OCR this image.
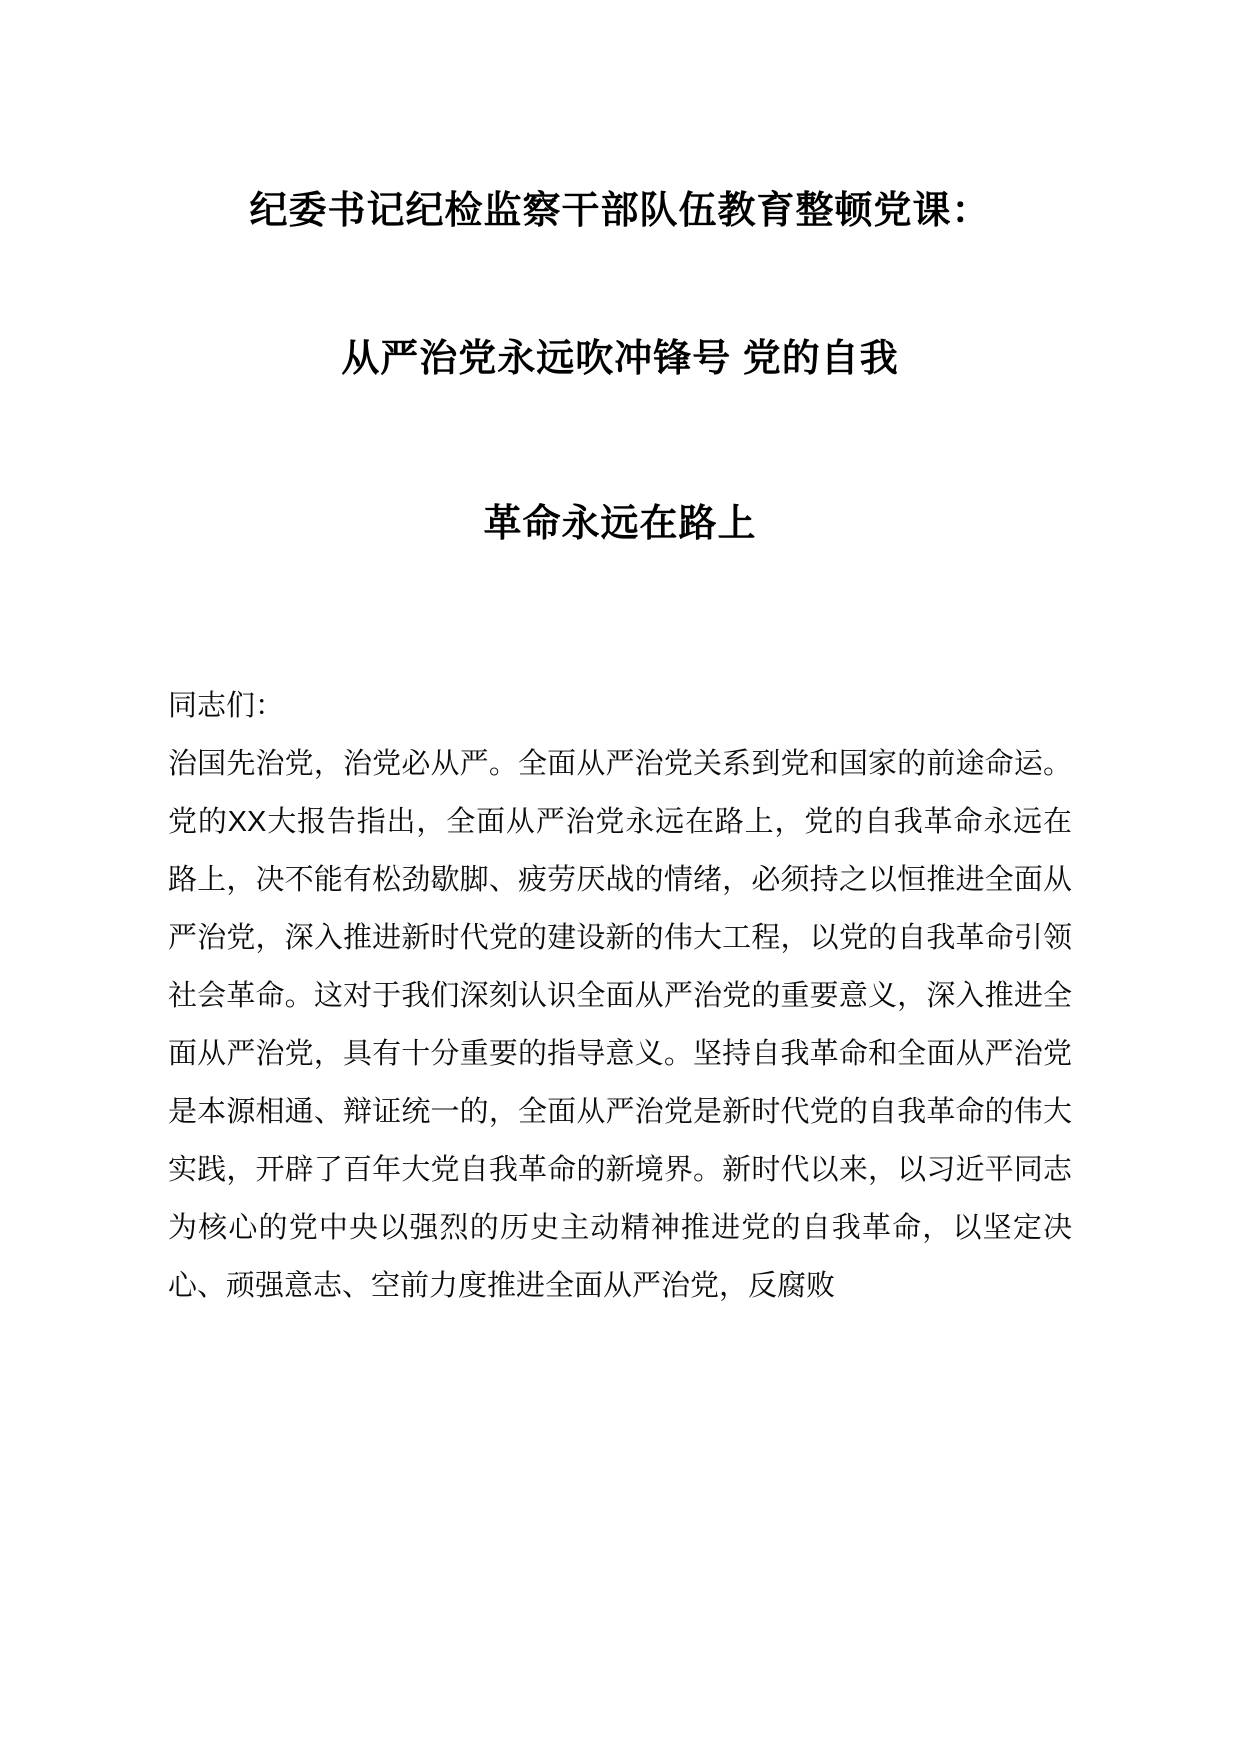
纪委书记纪检监察干部队伍教育整顿党课：
从严治党永远吹冲锋号 党的自我
革命永远在路上

同志们：

治国先治党，治党必从严。全面从严治党关系到党和国家的前途命运。党的XX大报告指出，全面从严治党永远在路上，党的自我革命永远在路上，决不能有松劲歇脚、疲劳厌战的情绪，必须持之以恒推进全面从严治党，深入推进新时代党的建设新的伟大工程，以党的自我革命引领社会革命。这对于我们深刻认识全面从严治党的重要意义，深入推进全面从严治党，具有十分重要的指导意义。坚持自我革命和全面从严治党是本源相通、辩证统一的，全面从严治党是新时代党的自我革命的伟大实践，开辟了百年大党自我革命的新境界。新时代以来，以习近平同志为核心的党中央以强烈的历史主动精神推进党的自我革命，以坚定决心、顽强意志、空前力度推进全面从严治党，反腐败
